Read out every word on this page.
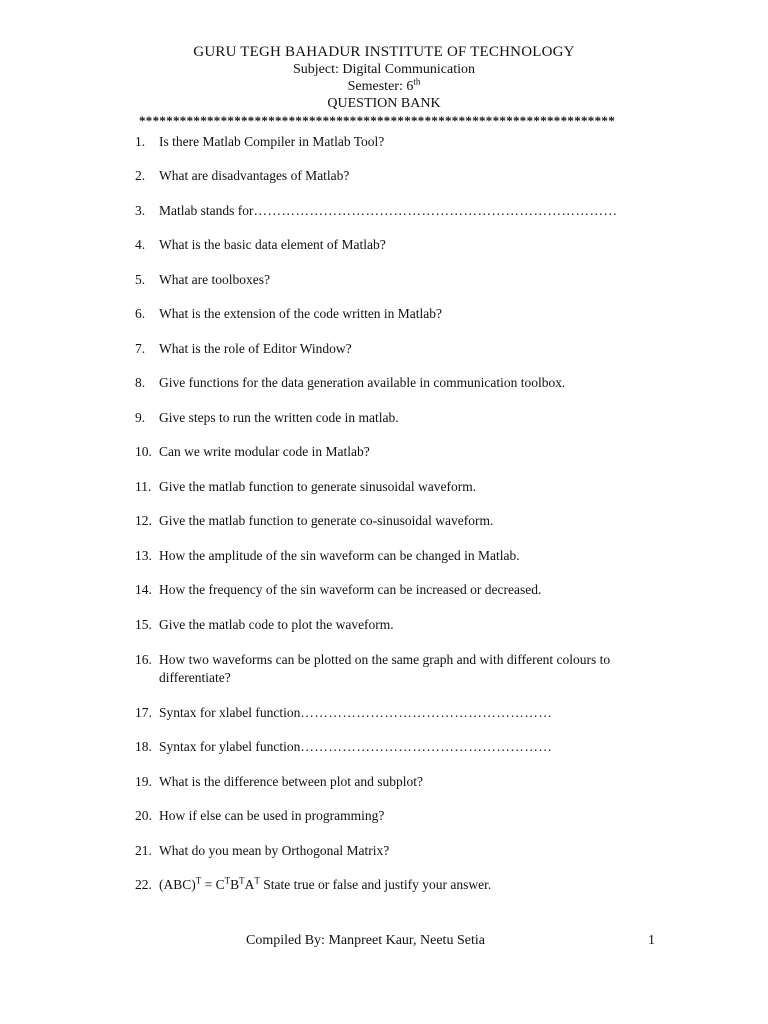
GURU TEGH BAHADUR INSTITUTE OF TECHNOLOGY
Subject: Digital Communication
Semester: 6th
QUESTION BANK
**********************************************************************
1. Is there Matlab Compiler in Matlab Tool?
2. What are disadvantages of Matlab?
3. Matlab stands for……………………………………………………………………
4. What is the basic data element of Matlab?
5. What are toolboxes?
6. What is the extension of the code written in Matlab?
7. What is the role of Editor Window?
8. Give functions for the data generation available in communication toolbox.
9. Give steps to run the written code in matlab.
10. Can we write modular code in Matlab?
11. Give the matlab function to generate sinusoidal waveform.
12. Give the matlab function to generate co-sinusoidal waveform.
13. How the amplitude of the sin waveform can be changed in Matlab.
14. How the frequency of the sin waveform can be increased or decreased.
15. Give the matlab code to plot the waveform.
16. How two waveforms can be plotted on the same graph and with different colours to differentiate?
17. Syntax for xlabel function………………………………………………
18. Syntax for ylabel function………………………………………………
19. What is the difference between plot and subplot?
20. How if else can be used in programming?
21. What do you mean by Orthogonal Matrix?
22. $(ABC)^T = C^TB^TA^T$ State true or false and justify your answer.
Compiled By: Manpreet Kaur, Neetu Setia	1
